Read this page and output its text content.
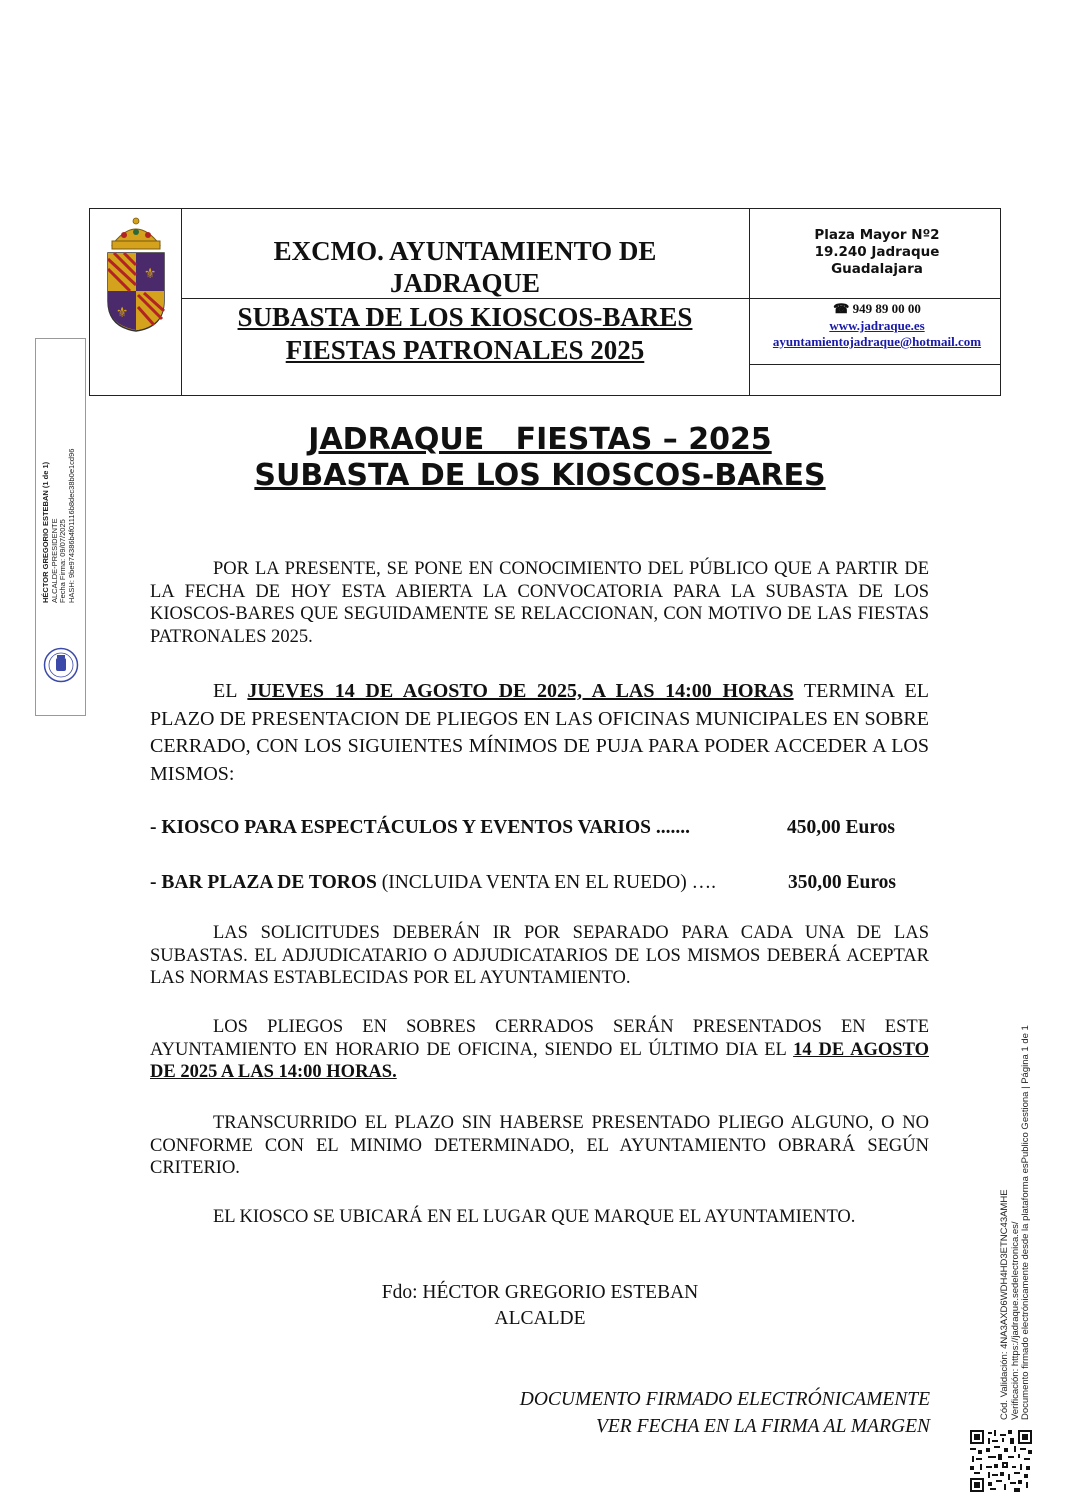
HÉCTOR GREGORIO ESTEBAN (1 de 1) ALCALDE-PRESIDENTE Fecha Firma: 09/07/2025 HASH: 9be974386b4f01116b8dec38b0e1cd96
⚜
⚜
EXCMO. AYUNTAMIENTO DE
JADRAQUE
SUBASTA DE LOS KIOSCOS-BARES
FIESTAS PATRONALES 2025
Plaza Mayor Nº2
19.240 Jadraque
Guadalajara
☎ 949 89 00 00
www.jadraque.es
ayuntamientojadraque@hotmail.com
JADRAQUE   FIESTAS – 2025
SUBASTA DE LOS KIOSCOS-BARES
POR LA PRESENTE, SE PONE EN CONOCIMIENTO DEL PÚBLICO QUE A PARTIR DE LA FECHA DE HOY ESTA ABIERTA LA CONVOCATORIA PARA LA SUBASTA DE LOS KIOSCOS-BARES QUE SEGUIDAMENTE SE RELACCIONAN, CON MOTIVO DE LAS FIESTAS PATRONALES 2025.
EL JUEVES 14 DE AGOSTO DE 2025, A LAS 14:00 HORAS TERMINA EL PLAZO DE PRESENTACION DE PLIEGOS EN LAS OFICINAS MUNICIPALES EN SOBRE CERRADO, CON LOS SIGUIENTES MÍNIMOS DE PUJA PARA PODER ACCEDER A LOS MISMOS:
- KIOSCO PARA ESPECTÁCULOS Y EVENTOS VARIOS .......	450,00 Euros
- BAR PLAZA DE TOROS (INCLUIDA VENTA EN EL RUEDO) ….	350,00 Euros
LAS SOLICITUDES DEBERÁN IR POR SEPARADO PARA CADA UNA DE LAS SUBASTAS. EL ADJUDICATARIO O ADJUDICATARIOS DE LOS MISMOS DEBERÁ ACEPTAR LAS NORMAS ESTABLECIDAS POR EL AYUNTAMIENTO.
LOS PLIEGOS EN SOBRES CERRADOS SERÁN PRESENTADOS EN ESTE AYUNTAMIENTO EN HORARIO DE OFICINA, SIENDO EL ÚLTIMO DIA EL 14 DE AGOSTO DE 2025 A LAS 14:00 HORAS.
TRANSCURRIDO EL PLAZO SIN HABERSE PRESENTADO PLIEGO ALGUNO, O NO CONFORME CON EL MINIMO DETERMINADO, EL AYUNTAMIENTO OBRARÁ SEGÚN CRITERIO.
EL KIOSCO SE UBICARÁ EN EL LUGAR QUE MARQUE EL AYUNTAMIENTO.
Fdo: HÉCTOR GREGORIO ESTEBAN
ALCALDE
DOCUMENTO FIRMADO ELECTRÓNICAMENTE
VER FECHA EN LA FIRMA AL MARGEN
Cód. Validación: 4NA3AXD6WDH4HD3ETNC43AMHE Verificación: https://jadraque.sedelectronica.es/ Documento firmado electrónicamente desde la plataforma esPublico Gestiona | Página 1 de 1
